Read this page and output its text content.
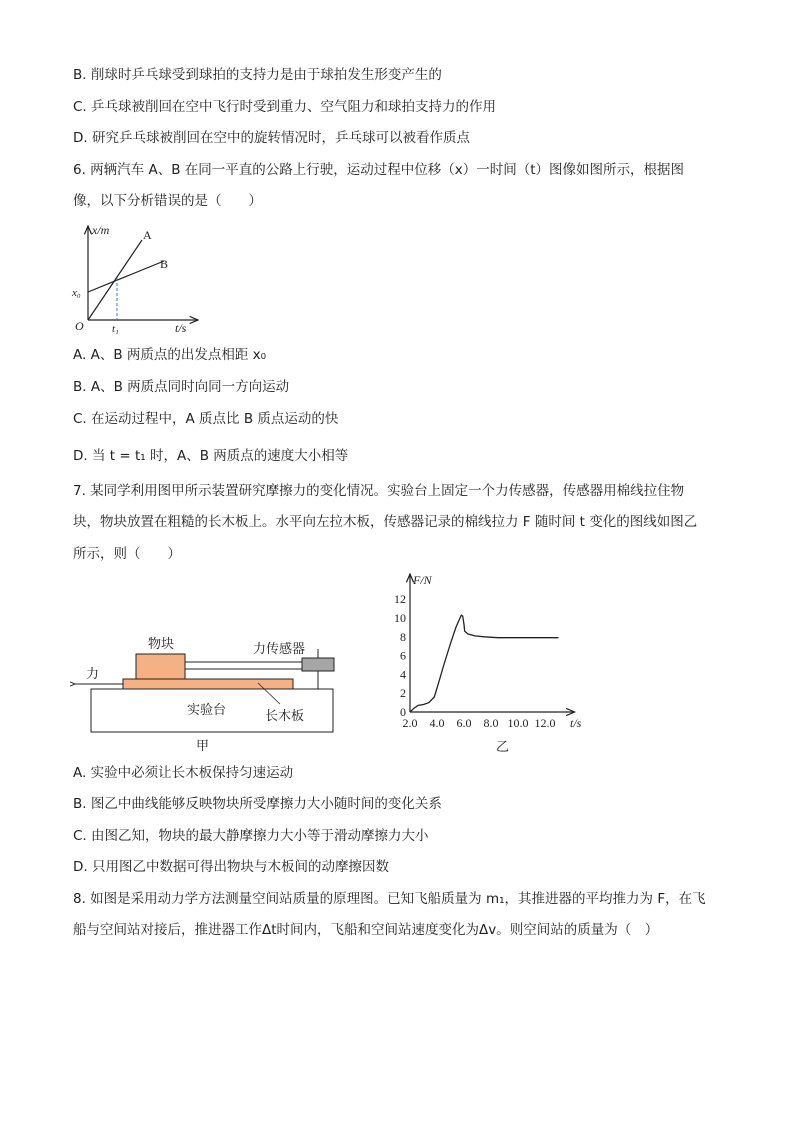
B. 削球时乒乓球受到球拍的支持力是由于球拍发生形变产生的
C. 乒乓球被削回在空中飞行时受到重力、空气阻力和球拍支持力的作用
D. 研究乒乓球被削回在空中的旋转情况时，乒乓球可以被看作质点
6. 两辆汽车 A、B 在同一平直的公路上行驶，运动过程中位移（x）一时间（t）图像如图所示，根据图
像，以下分析错误的是（　　）
x/m
t/s
O
x₀
t₁
A
B
A. A、B 两质点的出发点相距 x₀
B. A、B 两质点同时向同一方向运动
C. 在运动过程中，A 质点比 B 质点运动的快
D. 当 t = t₁ 时，A、B 两质点的速度大小相等
7. 某同学利用图甲所示装置研究摩擦力的变化情况。实验台上固定一个力传感器，传感器用棉线拉住物
块，物块放置在粗糙的长木板上。水平向左拉木板，传感器记录的棉线拉力 F 随时间 t 变化的图线如图乙
所示，则（　　）
物块	力传感器
力
实验台	长木板
甲
0
2
4
6
8
10
12
2.0 4.0 6.0 8.0 10.0 12.0
F/N
t/s
乙
A. 实验中必须让长木板保持匀速运动
B. 图乙中曲线能够反映物块所受摩擦力大小随时间的变化关系
C. 由图乙知，物块的最大静摩擦力大小等于滑动摩擦力大小
D. 只用图乙中数据可得出物块与木板间的动摩擦因数
8. 如图是采用动力学方法测量空间站质量的原理图。已知飞船质量为 m₁，其推进器的平均推力为 F，在飞
船与空间站对接后，推进器工作Δt时间内，飞船和空间站速度变化为Δv。则空间站的质量为（　）
